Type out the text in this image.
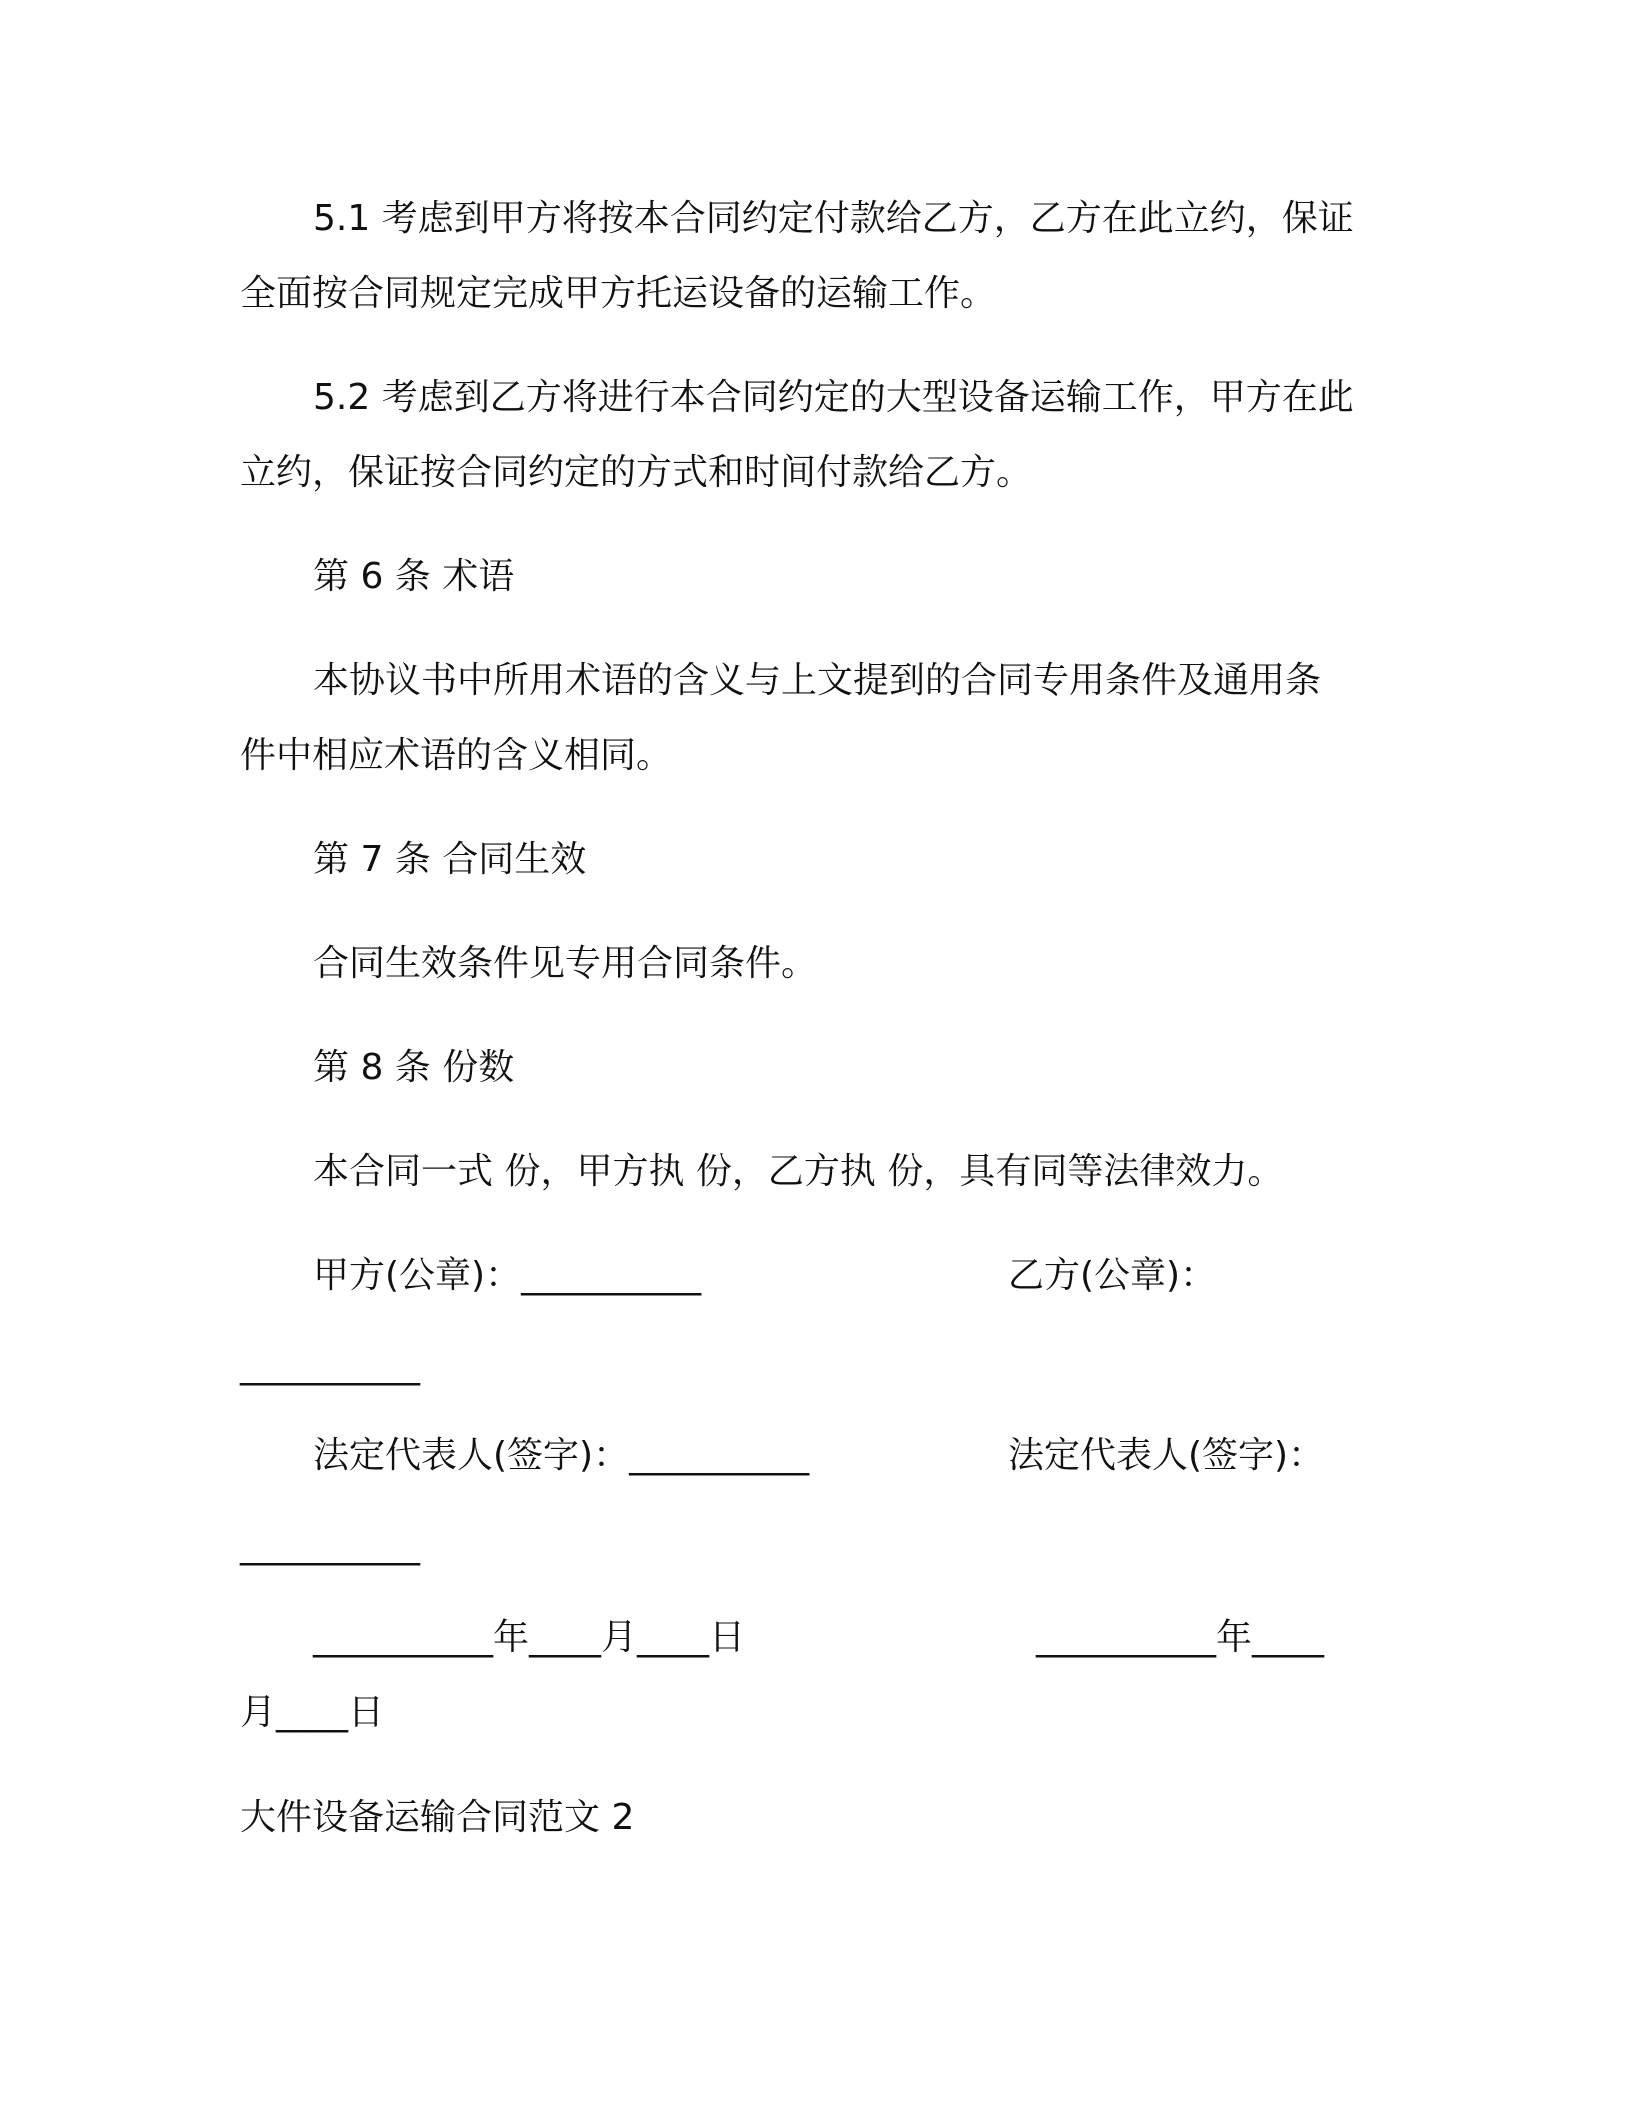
5.1 考虑到甲方将按本合同约定付款给乙方，乙方在此立约，保证
全面按合同规定完成甲方托运设备的运输工作。
5.2 考虑到乙方将进行本合同约定的大型设备运输工作，甲方在此
立约，保证按合同约定的方式和时间付款给乙方。
第 6 条 术语
本协议书中所用术语的含义与上文提到的合同专用条件及通用条
件中相应术语的含义相同。
第 7 条 合同生效
合同生效条件见专用合同条件。
第 8 条 份数
本合同一式 份，甲方执 份，乙方执 份，具有同等法律效力。
甲方(公章)：__________	乙方(公章)：
__________
法定代表人(签字)：__________	法定代表人(签字)：
__________
__________年____月____日	__________年____
月____日
大件设备运输合同范文 2
